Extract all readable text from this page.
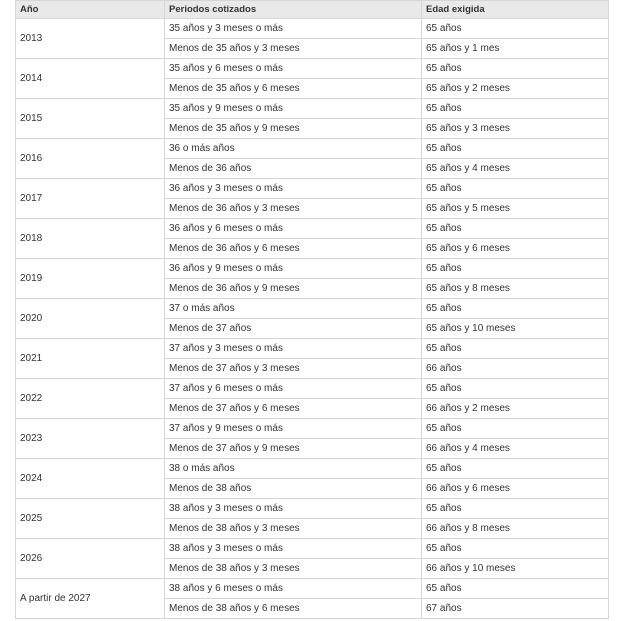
Año	Periodos cotizados	Edad exigida
2013	35 años y 3 meses o más	65 años
	Menos de 35 años y 3 meses	65 años y 1 mes
2014	35 años y 6 meses o más	65 años
	Menos de 35 años y 6 meses	65 años y 2 meses
2015	35 años y 9 meses o más	65 años
	Menos de 35 años y 9 meses	65 años y 3 meses
2016	36 o más años	65 años
	Menos de 36 años	65 años y 4 meses
2017	36 años y 3 meses o más	65 años
	Menos de 36 años y 3 meses	65 años y 5 meses
2018	36 años y 6 meses o más	65 años
	Menos de 36 años y 6 meses	65 años y 6 meses
2019	36 años y 9 meses o más	65 años
	Menos de 36 años y 9 meses	65 años y 8 meses
2020	37 o más años	65 años
	Menos de 37 años	65 años y 10 meses
2021	37 años y 3 meses o más	65 años
	Menos de 37 años y 3 meses	66 años
2022	37 años y 6 meses o más	65 años
	Menos de 37 años y 6 meses	66 años y 2 meses
2023	37 años y 9 meses o más	65 años
	Menos de 37 años y 9 meses	66 años y 4 meses
2024	38 o más años	65 años
	Menos de 38 años	66 años y 6 meses
2025	38 años y 3 meses o más	65 años
	Menos de 38 años y 3 meses	66 años y 8 meses
2026	38 años y 3 meses o más	65 años
	Menos de 38 años y 3 meses	66 años y 10 meses
A partir de 2027	38 años y 6 meses o más	65 años
	Menos de 38 años y 6 meses	67 años
